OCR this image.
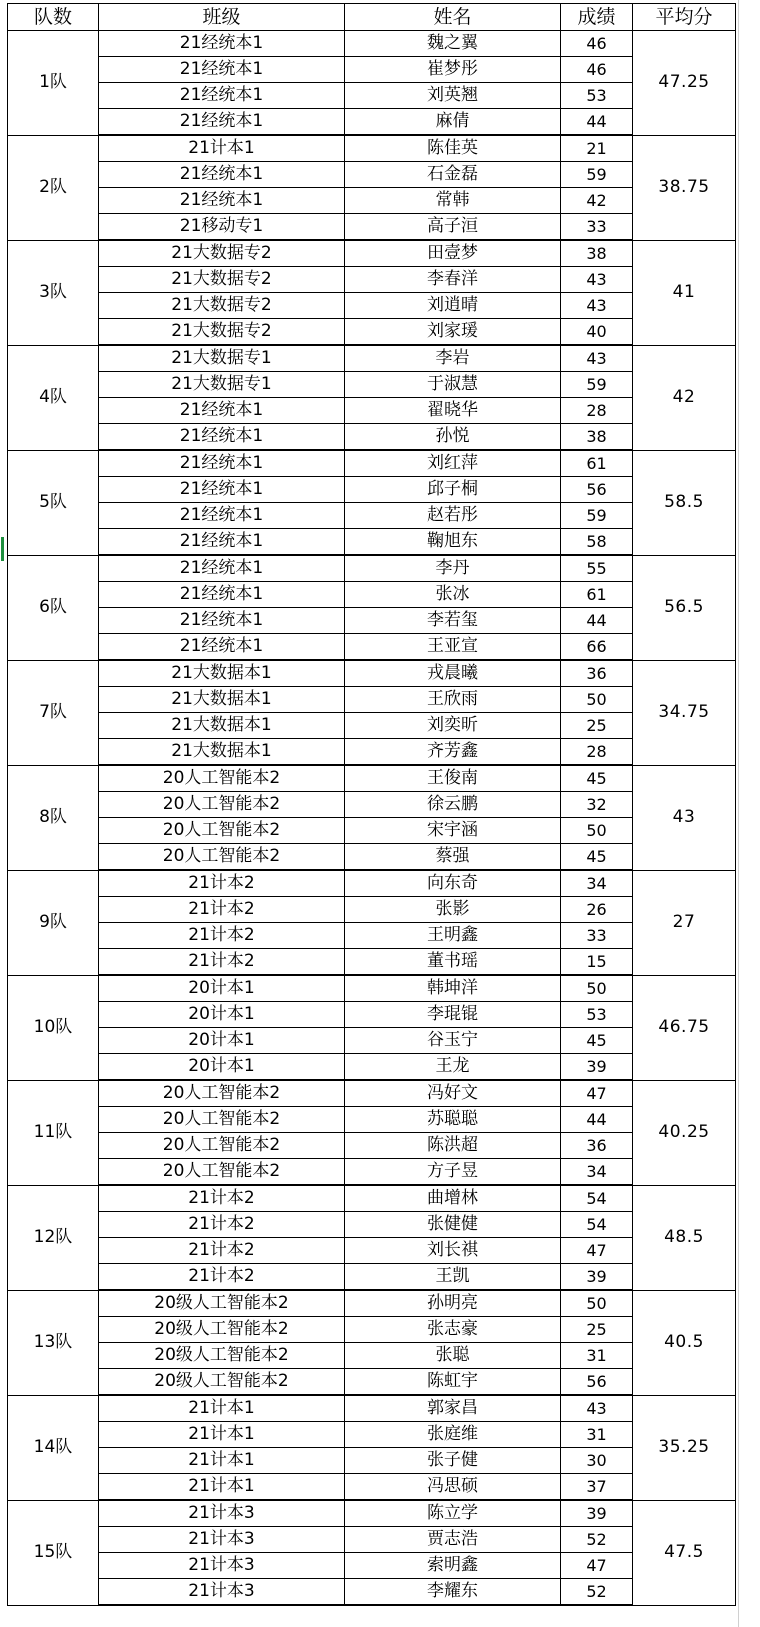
队数	班级	姓名	成绩	平均分
1队	21经统本1	魏之翼	46	47.25
	21经统本1	崔梦彤	46	
	21经统本1	刘英翘	53	
	21经统本1	麻倩	44	
2队	21计本1	陈佳英	21	38.75
	21经统本1	石金磊	59	
	21经统本1	常韩	42	
	21移动专1	高子洹	33	
3队	21大数据专2	田壹梦	38	41
	21大数据专2	李春洋	43	
	21大数据专2	刘逍晴	43	
	21大数据专2	刘家瑗	40	
4队	21大数据专1	李岩	43	42
	21大数据专1	于淑慧	59	
	21经统本1	翟晓华	28	
	21经统本1	孙悦	38	
5队	21经统本1	刘红萍	61	58.5
	21经统本1	邱子桐	56	
	21经统本1	赵若彤	59	
	21经统本1	鞠旭东	58	
6队	21经统本1	李丹	55	56.5
	21经统本1	张冰	61	
	21经统本1	李若玺	44	
	21经统本1	王亚宣	66	
7队	21大数据本1	戎晨曦	36	34.75
	21大数据本1	王欣雨	50	
	21大数据本1	刘奕昕	25	
	21大数据本1	齐芳鑫	28	
8队	20人工智能本2	王俊南	45	43
	20人工智能本2	徐云鹏	32	
	20人工智能本2	宋宇涵	50	
	20人工智能本2	蔡强	45	
9队	21计本2	向东奇	34	27
	21计本2	张影	26	
	21计本2	王明鑫	33	
	21计本2	董书瑶	15	
10队	20计本1	韩坤洋	50	46.75
	20计本1	李琨锟	53	
	20计本1	谷玉宁	45	
	20计本1	王龙	39	
11队	20人工智能本2	冯好文	47	40.25
	20人工智能本2	苏聪聪	44	
	20人工智能本2	陈洪超	36	
	20人工智能本2	方子昱	34	
12队	21计本2	曲增林	54	48.5
	21计本2	张健健	54	
	21计本2	刘长祺	47	
	21计本2	王凯	39	
13队	20级人工智能本2	孙明亮	50	40.5
	20级人工智能本2	张志豪	25	
	20级人工智能本2	张聪	31	
	20级人工智能本2	陈虹宇	56	
14队	21计本1	郭家昌	43	35.25
	21计本1	张庭维	31	
	21计本1	张子健	30	
	21计本1	冯思硕	37	
15队	21计本3	陈立学	39	47.5
	21计本3	贾志浩	52	
	21计本3	索明鑫	47	
	21计本3	李耀东	52	
